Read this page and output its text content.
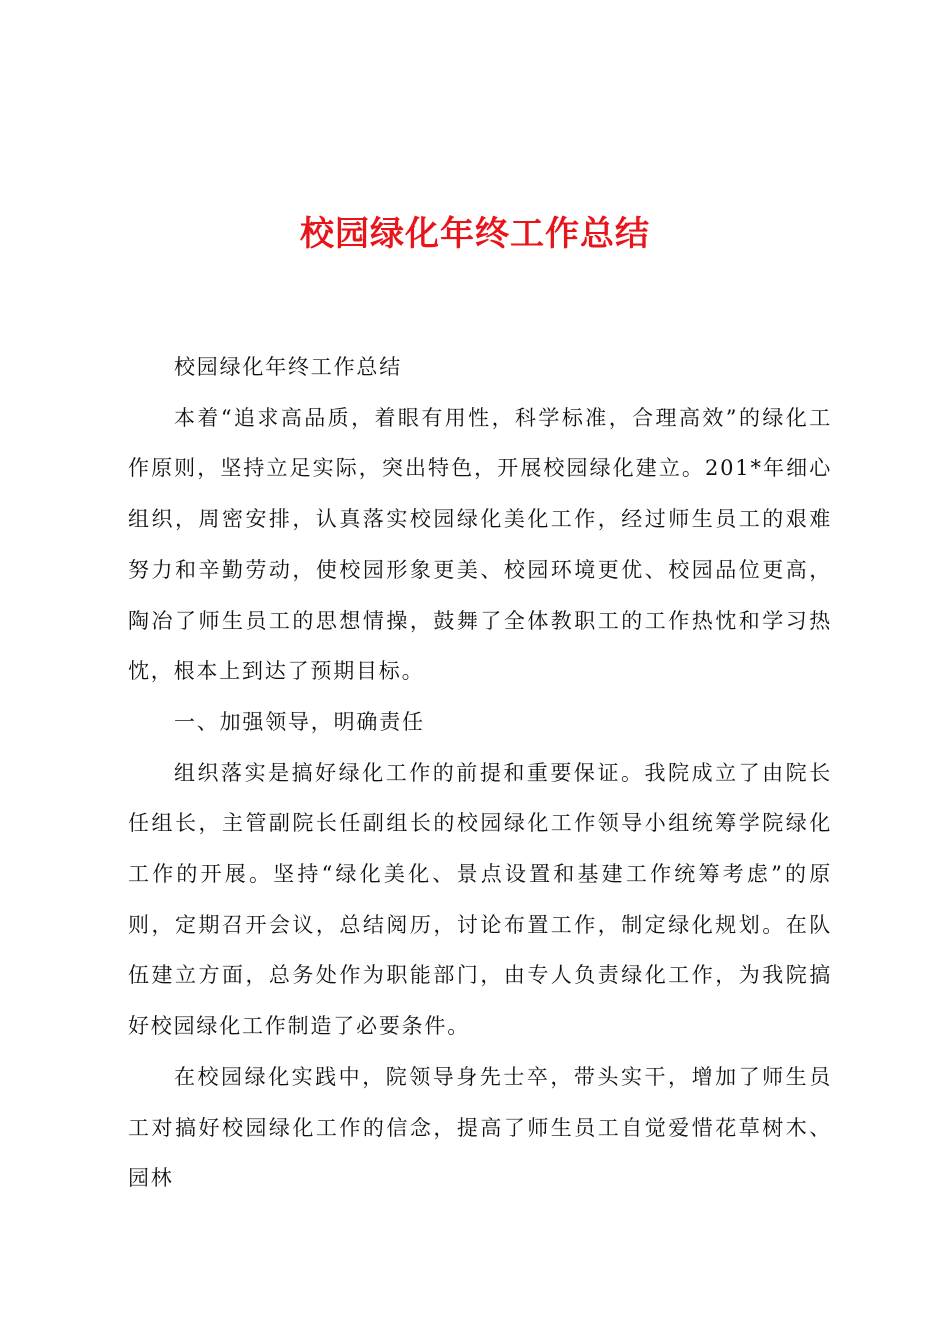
校园绿化年终工作总结

校园绿化年终工作总结

本着“追求高品质，着眼有用性，科学标准，合理高效”的绿化工作原则，坚持立足实际，突出特色，开展校园绿化建立。201*年细心组织，周密安排，认真落实校园绿化美化工作，经过师生员工的艰难努力和辛勤劳动，使校园形象更美、校园环境更优、校园品位更高，陶冶了师生员工的思想情操，鼓舞了全体教职工的工作热忱和学习热忱，根本上到达了预期目标。

一、加强领导，明确责任

组织落实是搞好绿化工作的前提和重要保证。我院成立了由院长任组长，主管副院长任副组长的校园绿化工作领导小组统筹学院绿化工作的开展。坚持“绿化美化、景点设置和基建工作统筹考虑”的原则，定期召开会议，总结阅历，讨论布置工作，制定绿化规划。在队伍建立方面，总务处作为职能部门，由专人负责绿化工作，为我院搞好校园绿化工作制造了必要条件。

在校园绿化实践中，院领导身先士卒，带头实干，增加了师生员工对搞好校园绿化工作的信念，提高了师生员工自觉爱惜花草树木、园林
